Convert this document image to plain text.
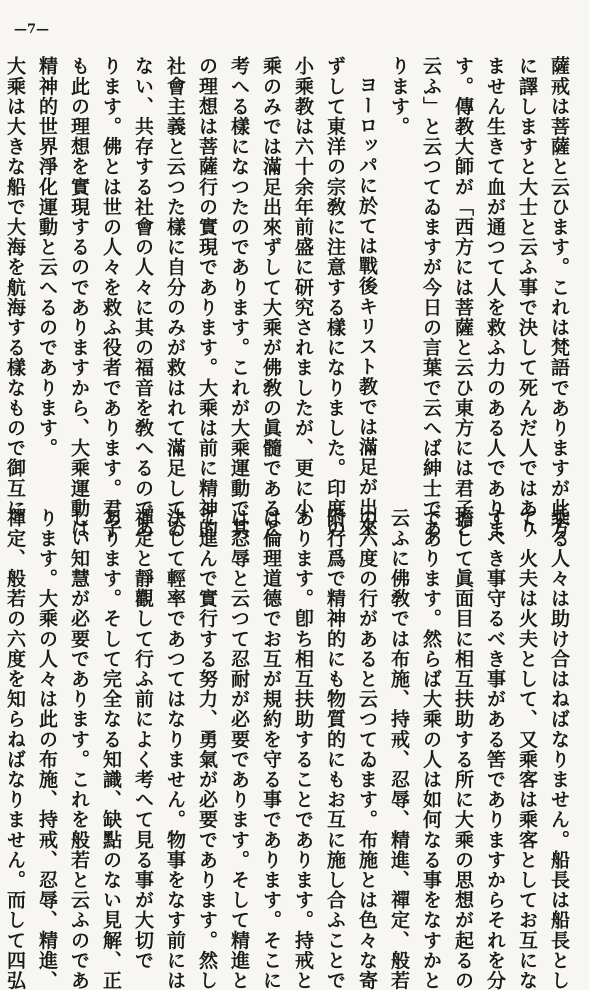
—7—
薩戒は菩薩と云ひます。これは梵語でありますが此方
に譯しますと大士と云ふ事で決して死んだ人ではあり
ません生きて血が通つて人を救ふ力のある人でありま
す。傳教大師が「西方には菩薩と云ひ東方には君子と
云ふ」と云つてゐますが今日の言葉で云へば紳士であ
ります。
ヨーロッパに於ては戰後キリスト教では滿足が出來
ずして東洋の宗敎に注意する樣になりました。印度の
小乘教は六十余年前盛に研究されましたが、更に小
乘のみでは滿足出來ずして大乘が佛敎の眞髓であると
考へる樣になつたのであります。これが大乘運動で其
の理想は菩薩行の實現であります。大乘は前に精神的
社會主義と云つた樣に自分のみが救はれて滿足してゐ
ない、共存する社會の人々に其の福音を敎へるのであ
ります。佛とは世の人々を救ふ役者であります。君子
も此の理想を實現するのでありますから、大乘運動は
精神的世界淨化運動と云へるのであります。
大乘は大きな船で大海を航海する樣なもので御互に
乘る人々は助け合はねばなりません。船長は船長とし
て、火夫は火夫として、又乘客は乘客としてお互にな
すべき事守るべき事がある筈でありますからそれを分
擔して眞面目に相互扶助する所に大乘の思想が起るの
であります。然らば大乘の人は如何なる事をなすかと
云ふに佛敎では布施、持戒、忍辱、精進、禪定、般若
の六度の行があると云つてゐます。布施とは色々な寄
附行爲で精神的にも物質的にもお互に施し合ふことで
あります。卽ち相互扶助することであります。持戒と
は倫理道德でお互が規約を守る事であります。そこに
は忍辱と云つて忍耐が必要であります。そして精進と
て進んで實行する努力、勇氣が必要であります。然し
決して輕率であつてはなりません。物事をなす前には
禪定と靜觀して行ふ前によく考へて見る事が大切で
あります。そして完全なる知識、缺點のない見解、正
しい知慧が必要であります。これを般若と云ふのであ
ります。大乘の人々は此の布施、持戒、忍辱、精進、
禪定、般若の六度を知らねばなりません。而して四弘
